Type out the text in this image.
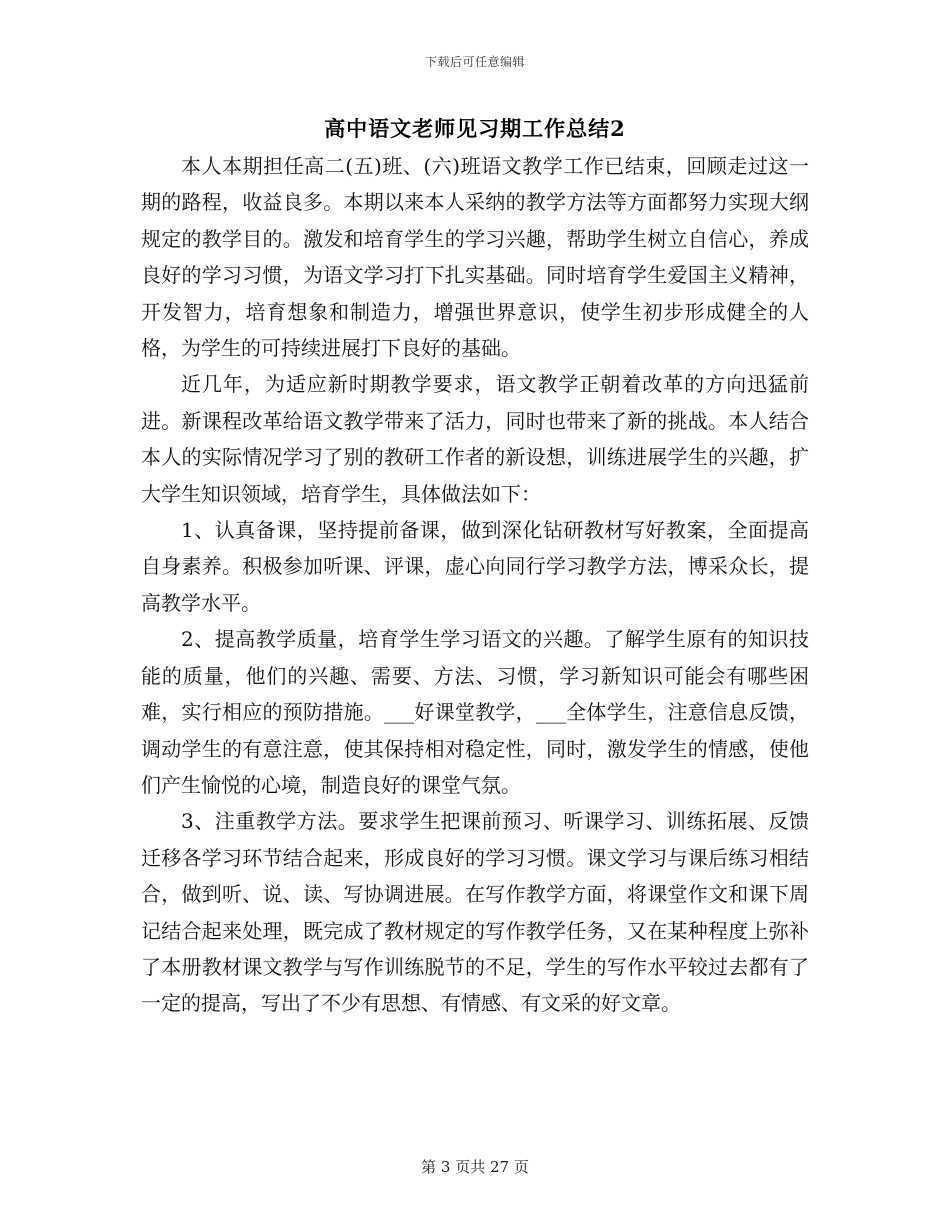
下载后可任意编辑
高中语文老师见习期工作总结2

本人本期担任高二(五)班、(六)班语文教学工作已结束，回顾走过这一期的路程，收益良多。本期以来本人采纳的教学方法等方面都努力实现大纲规定的教学目的。激发和培育学生的学习兴趣，帮助学生树立自信心，养成良好的学习习惯，为语文学习打下扎实基础。同时培育学生爱国主义精神，开发智力，培育想象和制造力，增强世界意识，使学生初步形成健全的人格，为学生的可持续进展打下良好的基础。

近几年，为适应新时期教学要求，语文教学正朝着改革的方向迅猛前进。新课程改革给语文教学带来了活力，同时也带来了新的挑战。本人结合本人的实际情况学习了别的教研工作者的新设想，训练进展学生的兴趣，扩大学生知识领域，培育学生，具体做法如下：

1、认真备课，坚持提前备课，做到深化钻研教材写好教案，全面提高自身素养。积极参加听课、评课，虚心向同行学习教学方法，博采众长，提高教学水平。

2、提高教学质量，培育学生学习语文的兴趣。了解学生原有的知识技能的质量，他们的兴趣、需要、方法、习惯，学习新知识可能会有哪些困难，实行相应的预防措施。___好课堂教学，___全体学生，注意信息反馈，调动学生的有意注意，使其保持相对稳定性，同时，激发学生的情感，使他们产生愉悦的心境，制造良好的课堂气氛。

3、注重教学方法。要求学生把课前预习、听课学习、训练拓展、反馈迁移各学习环节结合起来，形成良好的学习习惯。课文学习与课后练习相结合，做到听、说、读、写协调进展。在写作教学方面，将课堂作文和课下周记结合起来处理，既完成了教材规定的写作教学任务，又在某种程度上弥补了本册教材课文教学与写作训练脱节的不足，学生的写作水平较过去都有了一定的提高，写出了不少有思想、有情感、有文采的好文章。

第 3 页共 27 页
